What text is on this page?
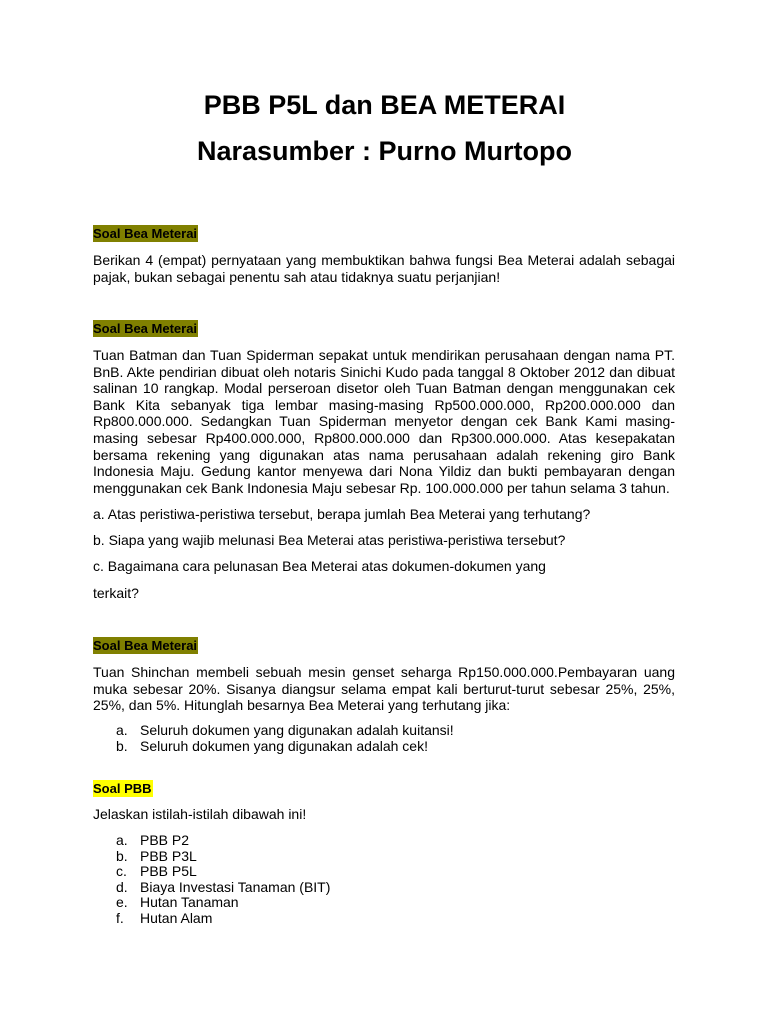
PBB P5L dan BEA METERAI
Narasumber : Purno Murtopo
Soal Bea Meterai

Berikan 4 (empat) pernyataan yang membuktikan bahwa fungsi Bea Meterai adalah sebagai pajak, bukan sebagai penentu sah atau tidaknya suatu perjanjian!

Soal Bea Meterai

Tuan Batman dan Tuan Spiderman sepakat untuk mendirikan perusahaan dengan nama PT. BnB. Akte pendirian dibuat oleh notaris Sinichi Kudo pada tanggal 8 Oktober 2012 dan dibuat salinan 10 rangkap. Modal perseroan disetor oleh Tuan Batman dengan menggunakan cek Bank Kita sebanyak tiga lembar masing-masing Rp500.000.000, Rp200.000.000 dan Rp800.000.000. Sedangkan Tuan Spiderman menyetor dengan cek Bank Kami masing-masing sebesar Rp400.000.000, Rp800.000.000 dan Rp300.000.000. Atas kesepakatan bersama rekening yang digunakan atas nama perusahaan adalah rekening giro Bank Indonesia Maju. Gedung kantor menyewa dari Nona Yildiz dan bukti pembayaran dengan menggunakan cek Bank Indonesia Maju sebesar Rp. 100.000.000 per tahun selama 3 tahun.

a. Atas peristiwa-peristiwa tersebut, berapa jumlah Bea Meterai yang terhutang?

b. Siapa yang wajib melunasi Bea Meterai atas peristiwa-peristiwa tersebut?

c. Bagaimana cara pelunasan Bea Meterai atas dokumen-dokumen yang

terkait?

Soal Bea Meterai

Tuan Shinchan membeli sebuah mesin genset seharga Rp150.000.000.Pembayaran uang muka sebesar 20%. Sisanya diangsur selama empat kali berturut-turut sebesar 25%, 25%, 25%, dan 5%. Hitunglah besarnya Bea Meterai yang terhutang jika:

a. Seluruh dokumen yang digunakan adalah kuitansi!
b. Seluruh dokumen yang digunakan adalah cek!
Soal PBB

Jelaskan istilah-istilah dibawah ini!

a. PBB P2
b. PBB P3L
c. PBB P5L
d. Biaya Investasi Tanaman (BIT)
e. Hutan Tanaman
f. Hutan Alam
